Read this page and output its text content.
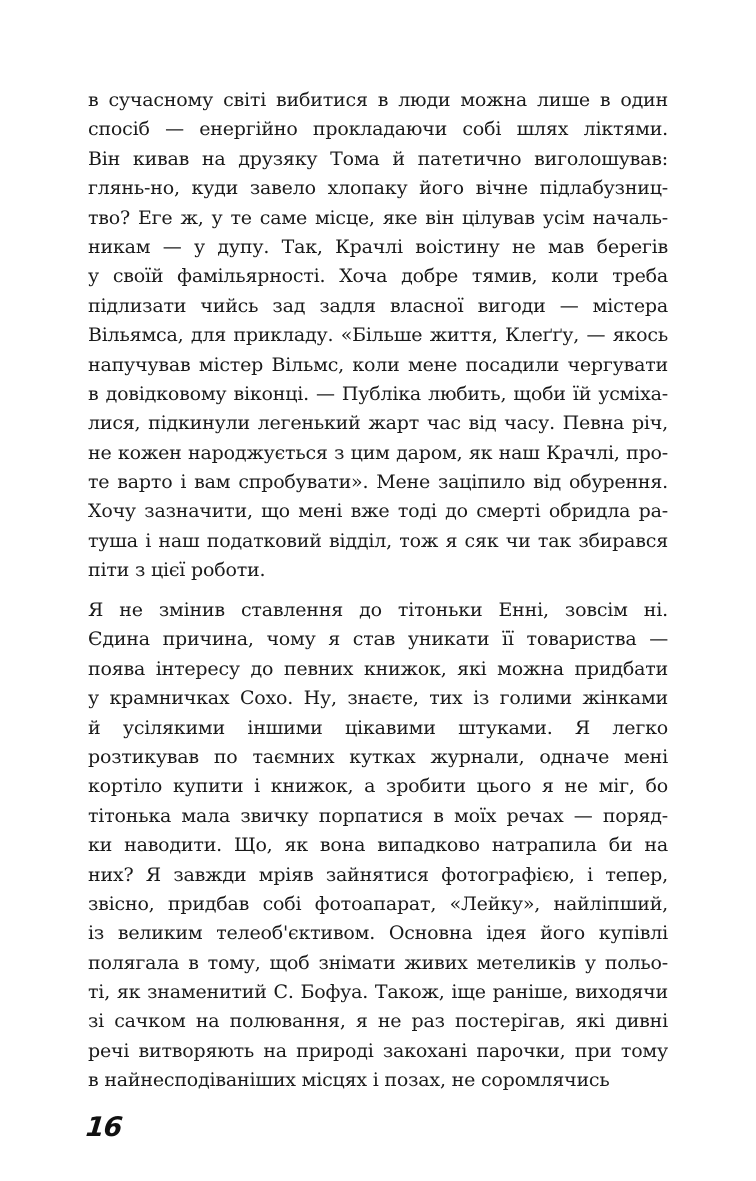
в сучасному світі вибитися в люди можна лише в один
спосіб — енергійно прокладаючи собі шлях ліктями.
Він кивав на друзяку Тома й патетично виголошував:
глянь-но, куди завело хлопаку його вічне підлабузниц-
тво? Еге ж, у те саме місце, яке він цілував усім началь-
никам — у дупу. Так, Крачлі воістину не мав берегів
у своїй фамільярності. Хоча добре тямив, коли треба
підлизати чийсь зад задля власної вигоди — містера
Вільямса, для прикладу. «Більше життя, Клеґґу, — якось
напучував містер Вільмс, коли мене посадили чергувати
в довідковому віконці. — Публіка любить, щоби їй усміха-
лися, підкинули легенький жарт час від часу. Певна річ,
не кожен народжується з цим даром, як наш Крачлі, про-
те варто і вам спробувати». Мене заціпило від обурення.
Хочу зазначити, що мені вже тоді до смерті обридла ра-
туша і наш податковий відділ, тож я сяк чи так збирався
піти з цієї роботи.
Я не змінив ставлення до тітоньки Енні, зовсім ні.
Єдина причина, чому я став уникати її товариства —
поява інтересу до певних книжок, які можна придбати
у крамничках Сохо. Ну, знаєте, тих із голими жінками
й усілякими іншими цікавими штуками. Я легко
розтикував по таємних кутках журнали, одначе мені
кортіло купити і книжок, а зробити цього я не міг, бо
тітонька мала звичку порпатися в моїх речах — поряд-
ки наводити. Що, як вона випадково натрапила би на
них? Я завжди мріяв зайнятися фотографією, і тепер,
звісно, придбав собі фотоапарат, «Лейку», найліпший,
із великим телеоб'єктивом. Основна ідея його купівлі
полягала в тому, щоб знімати живих метеликів у польо-
ті, як знаменитий С. Бофуа. Також, іще раніше, виходячи
зі сачком на полювання, я не раз постерігав, які дивні
речі витворяють на природі закохані парочки, при тому
в найнесподіваніших місцях і позах, не соромлячись
16
